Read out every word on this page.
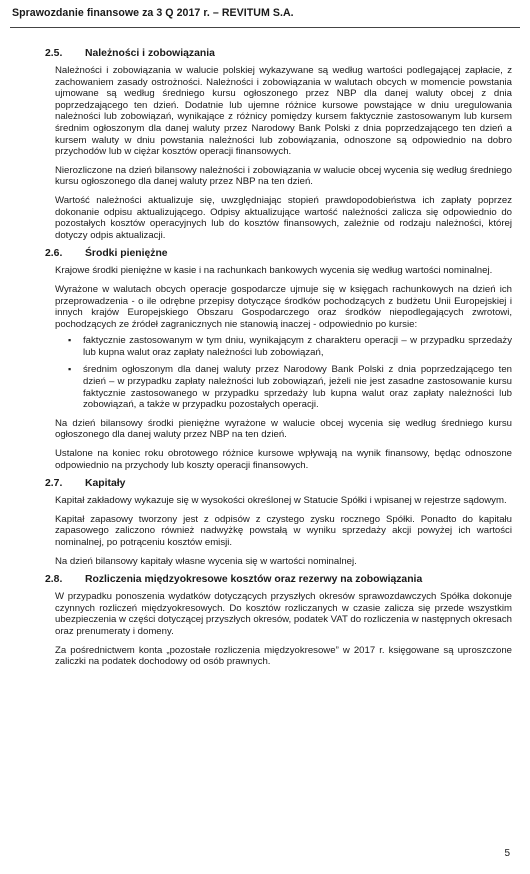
Sprawozdanie finansowe za 3 Q 2017 r. – REVITUM S.A.
2.5.	Należności i zobowiązania

Należności i zobowiązania w walucie polskiej wykazywane są według wartości podlegającej zapłacie, z zachowaniem zasady ostrożności. Należności i zobowiązania w walutach obcych w momencie powstania ujmowane są według średniego kursu ogłoszonego przez NBP dla danej waluty obcej z dnia poprzedzającego ten dzień. Dodatnie lub ujemne różnice kursowe powstające w dniu uregulowania należności lub zobowiązań, wynikające z różnicy pomiędzy kursem faktycznie zastosowanym lub kursem średnim ogłoszonym dla danej waluty przez Narodowy Bank Polski z dnia poprzedzającego ten dzień a kursem waluty w dniu powstania należności lub zobowiązania, odnoszone są odpowiednio na dobro przychodów lub w ciężar kosztów operacji finansowych.

Nierozliczone na dzień bilansowy należności i zobowiązania w walucie obcej wycenia się według średniego kursu ogłoszonego dla danej waluty przez NBP na ten dzień.

Wartość należności aktualizuje się, uwzględniając stopień prawdopodobieństwa ich zapłaty poprzez dokonanie odpisu aktualizującego. Odpisy aktualizujące wartość należności zalicza się odpowiednio do pozostałych kosztów operacyjnych lub do kosztów finansowych, zależnie od rodzaju należności, której dotyczy odpis aktualizacji.

2.6.	Środki pieniężne

Krajowe środki pieniężne w kasie i na rachunkach bankowych wycenia się według wartości nominalnej.

Wyrażone w walutach obcych operacje gospodarcze ujmuje się w księgach rachunkowych na dzień ich przeprowadzenia - o ile odrębne przepisy dotyczące środków pochodzących z budżetu Unii Europejskiej i innych krajów Europejskiego Obszaru Gospodarczego oraz środków niepodlegających zwrotowi, pochodzących ze źródeł zagranicznych nie stanowią inaczej - odpowiednio po kursie:

▪ faktycznie zastosowanym w tym dniu, wynikającym z charakteru operacji – w przypadku sprzedaży lub kupna walut oraz zapłaty należności lub zobowiązań,
▪ średnim ogłoszonym dla danej waluty przez Narodowy Bank Polski z dnia poprzedzającego ten dzień – w przypadku zapłaty należności lub zobowiązań, jeżeli nie jest zasadne zastosowanie kursu faktycznie zastosowanego w przypadku sprzedaży lub kupna walut oraz zapłaty należności lub zobowiązań, a także w przypadku pozostałych operacji.

Na dzień bilansowy środki pieniężne wyrażone w walucie obcej wycenia się według średniego kursu ogłoszonego dla danej waluty przez NBP na ten dzień.

Ustalone na koniec roku obrotowego różnice kursowe wpływają na wynik finansowy, będąc odnoszone odpowiednio na przychody lub koszty operacji finansowych.

2.7.	Kapitały

Kapitał zakładowy wykazuje się w wysokości określonej w Statucie Spółki i wpisanej w rejestrze sądowym.

Kapitał zapasowy tworzony jest z odpisów z czystego zysku rocznego Spółki. Ponadto do kapitału zapasowego zaliczono również nadwyżkę powstałą w wyniku sprzedaży akcji powyżej ich wartości nominalnej, po potrąceniu kosztów emisji.

Na dzień bilansowy kapitały własne wycenia się w wartości nominalnej.

2.8.	Rozliczenia międzyokresowe kosztów oraz rezerwy na zobowiązania

W przypadku ponoszenia wydatków dotyczących przyszłych okresów sprawozdawczych Spółka dokonuje czynnych rozliczeń międzyokresowych. Do kosztów rozliczanych w czasie zalicza się przede wszystkim ubezpieczenia w części dotyczącej przyszłych okresów, podatek VAT do rozliczenia w następnych okresach oraz prenumeraty i domeny.

Za pośrednictwem konta „pozostałe rozliczenia międzyokresowe” w 2017 r. księgowane są uproszczone zaliczki na podatek dochodowy od osób prawnych.

5
